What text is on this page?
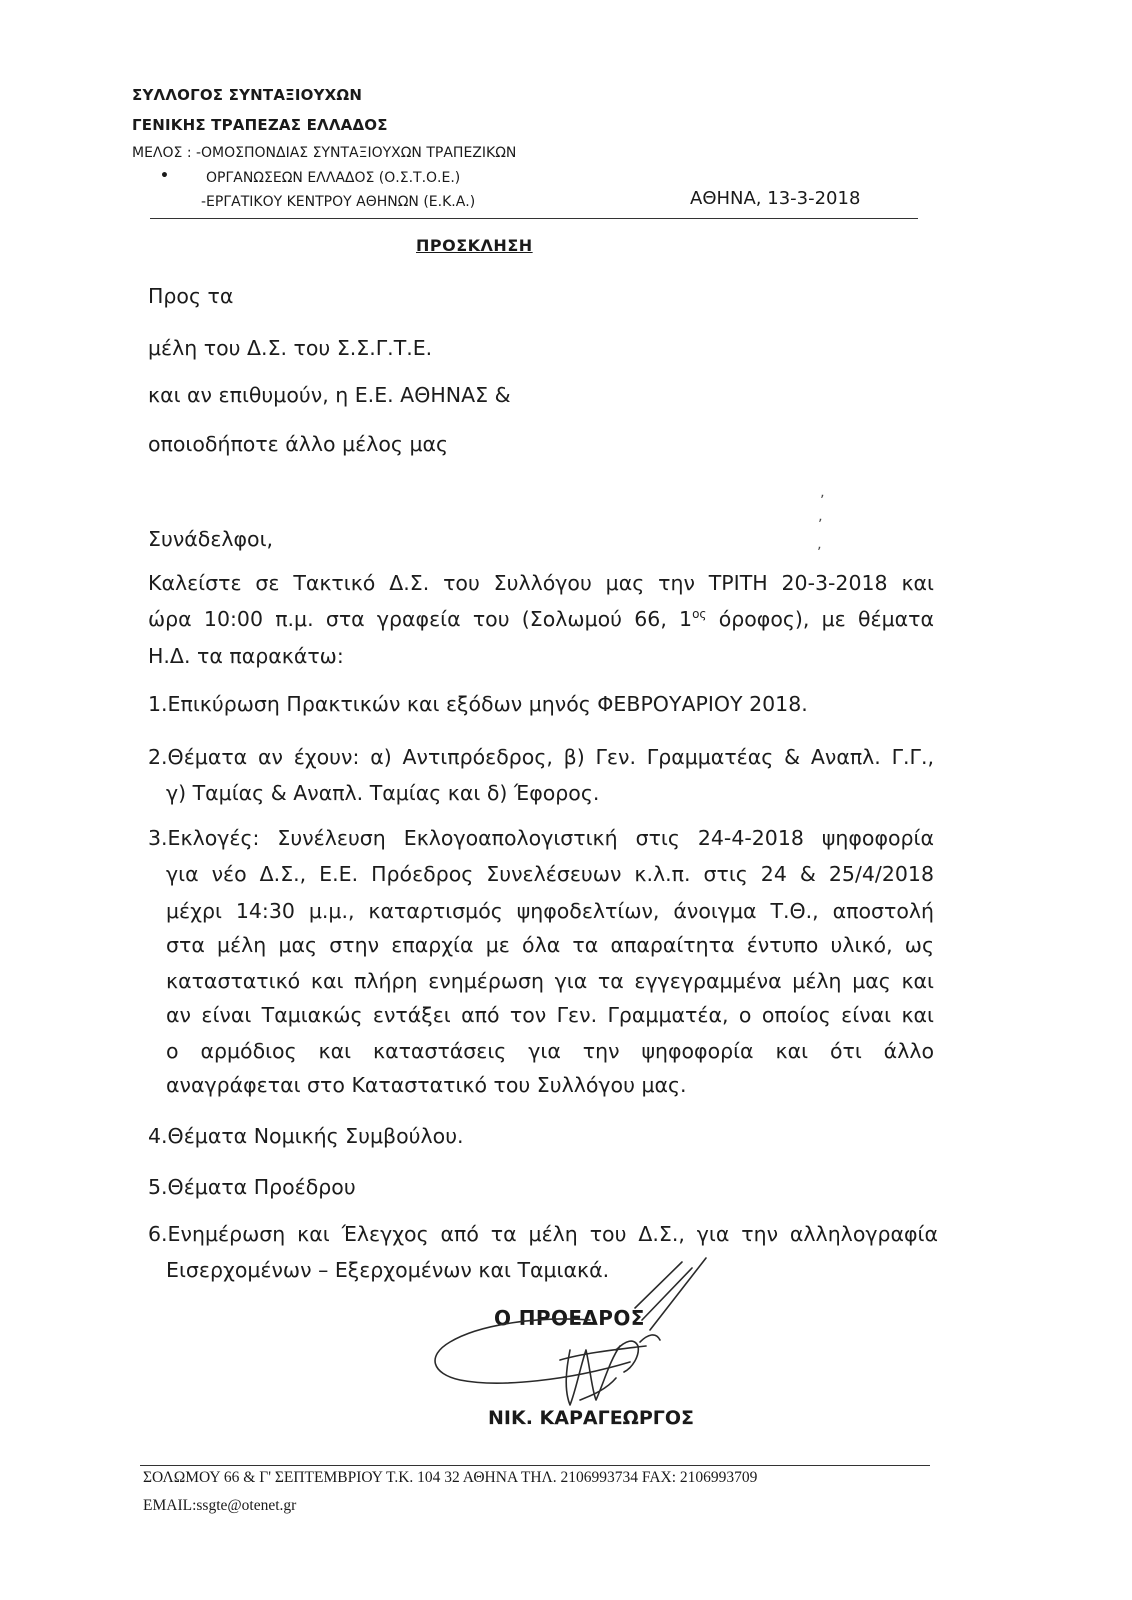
ΣΥΛΛΟΓΟΣ ΣΥΝΤΑΞΙΟΥΧΩΝ
ΓΕΝΙΚΗΣ ΤΡΑΠΕΖΑΣ ΕΛΛΑΔΟΣ
ΜΕΛΟΣ : -ΟΜΟΣΠΟΝΔΙΑΣ ΣΥΝΤΑΞΙΟΥΧΩΝ ΤΡΑΠΕΖΙΚΩΝ
•	ΟΡΓΑΝΩΣΕΩΝ ΕΛΛΑΔΟΣ (Ο.Σ.Τ.Ο.Ε.)
-ΕΡΓΑΤΙΚΟΥ ΚΕΝΤΡΟΥ ΑΘΗΝΩΝ (Ε.Κ.Α.)	ΑΘΗΝΑ, 13-3-2018
ΠΡΟΣΚΛΗΣΗ
Προς τα
μέλη του Δ.Σ. του Σ.Σ.Γ.Τ.Ε.
και αν επιθυμούν, η Ε.Ε. ΑΘΗΝΑΣ &
οποιοδήποτε άλλο μέλος μας
ʼ
ʼ
ʼ
Συνάδελφοι,
Καλείστε σε Τακτικό Δ.Σ. του Συλλόγου μας την ΤΡΙΤΗ 20-3-2018 και
ώρα 10:00 π.μ. στα γραφεία του (Σολωμού 66, $1^{o\varsigma}$ όροφος), με θέματα
Η.Δ. τα παρακάτω:
1.Επικύρωση Πρακτικών και εξόδων μηνός ΦΕΒΡΟΥΑΡΙΟΥ 2018.
2.Θέματα αν έχουν: α) Αντιπρόεδρος, β) Γεν. Γραμματέας & Αναπλ. Γ.Γ.,
γ) Ταμίας & Αναπλ. Ταμίας και δ) Έφορος.
3.Εκλογές: Συνέλευση Εκλογοαπολογιστική στις 24-4-2018 ψηφοφορία
για νέο Δ.Σ., Ε.Ε. Πρόεδρος Συνελέσευων κ.λ.π. στις 24 & 25/4/2018
μέχρι 14:30 μ.μ., καταρτισμός ψηφοδελτίων, άνοιγμα Τ.Θ., αποστολή
στα μέλη μας στην επαρχία με όλα τα απαραίτητα έντυπο υλικό, ως
καταστατικό και πλήρη ενημέρωση για τα εγγεγραμμένα μέλη μας και
αν είναι Ταμιακώς εντάξει από τον Γεν. Γραμματέα, ο οποίος είναι και
ο αρμόδιος και καταστάσεις για την ψηφοφορία και ότι άλλο
αναγράφεται στο Καταστατικό του Συλλόγου μας.
4.Θέματα Νομικής Συμβούλου.
5.Θέματα Προέδρου
6.Ενημέρωση και Έλεγχος από τα μέλη του Δ.Σ., για την αλληλογραφία
Εισερχομένων – Εξερχομένων και Ταμιακά.
Ο ΠΡΟΕΔΡΟΣ
ΝΙΚ. ΚΑΡΑΓΕΩΡΓΟΣ
ΣΟΛΩΜΟΥ 66 & Γ' ΣΕΠΤΕΜΒΡΙΟΥ Τ.Κ. 104 32 ΑΘΗΝΑ ΤΗΛ. 2106993734 FAX: 2106993709
EMAIL:ssgte@otenet.gr
